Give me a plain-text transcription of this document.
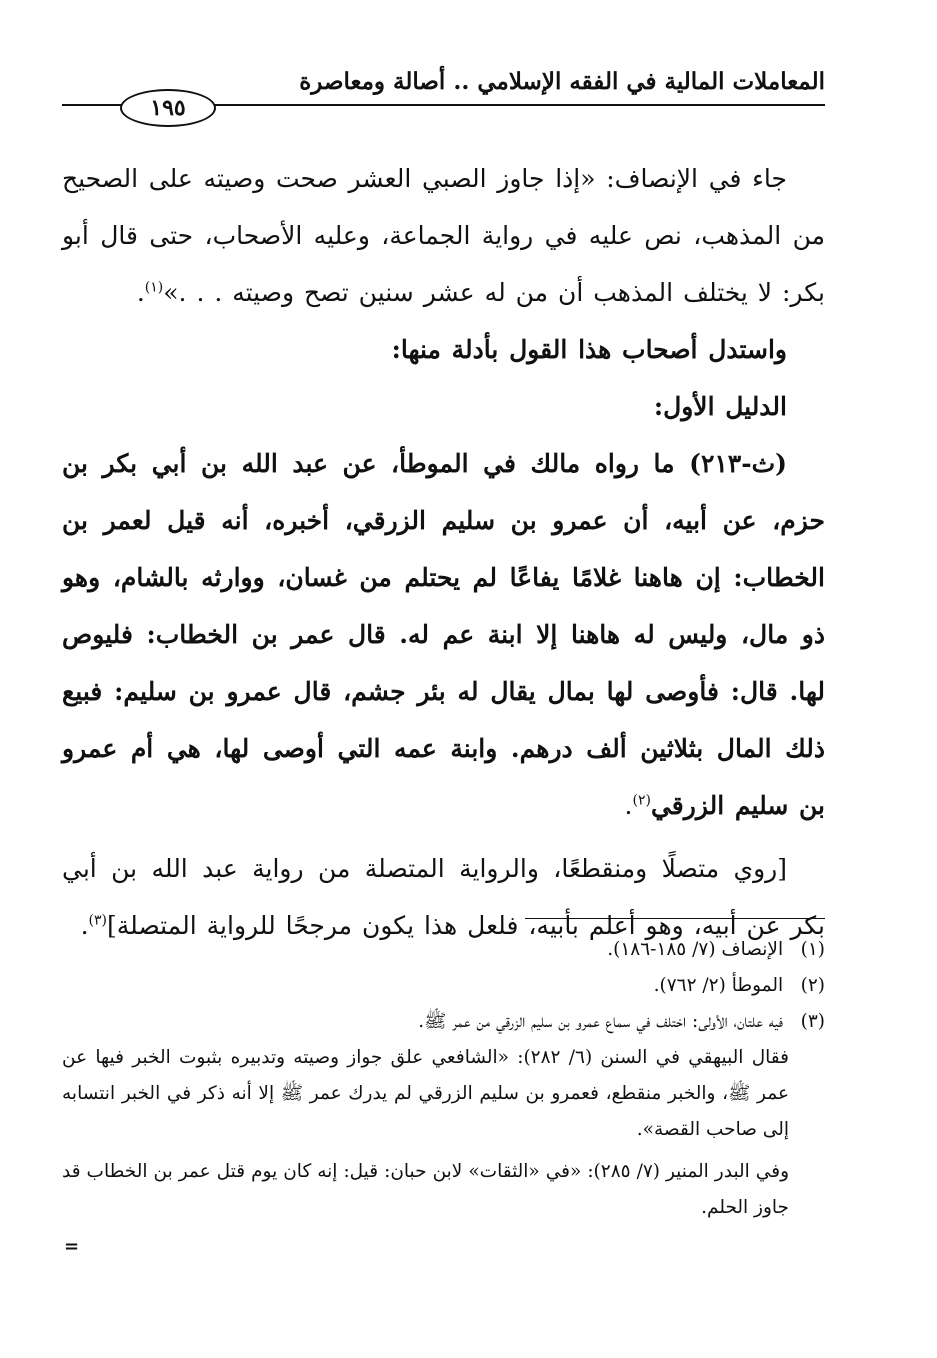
المعاملات المالية في الفقه الإسلامي .. أصالة ومعاصرة
١٩٥

جاء في الإنصاف: «إذا جاوز الصبي العشر صحت وصيته على الصحيح من المذهب، نص عليه في رواية الجماعة، وعليه الأصحاب، حتى قال أبو بكر: لا يختلف المذهب أن من له عشر سنين تصح وصيته . . .»$^{(١)}$.

واستدل أصحاب هذا القول بأدلة منها:

الدليل الأول:

(ث-٢١٣) ما رواه مالك في الموطأ، عن عبد الله بن أبي بكر بن حزم، عن أبيه، أن عمرو بن سليم الزرقي، أخبره، أنه قيل لعمر بن الخطاب: إن هاهنا غلامًا يفاعًا لم يحتلم من غسان، ووارثه بالشام، وهو ذو مال، وليس له هاهنا إلا ابنة عم له. قال عمر بن الخطاب: فليوص لها. قال: فأوصى لها بمال يقال له بئر جشم، قال عمرو بن سليم: فبيع ذلك المال بثلاثين ألف درهم. وابنة عمه التي أوصى لها، هي أم عمرو بن سليم الزرقي$^{(٢)}$.

[روي متصلًا ومنقطعًا، والرواية المتصلة من رواية عبد الله بن أبي بكر عن أبيه، وهو أعلم بأبيه، فلعل هذا يكون مرجحًا للرواية المتصلة]$^{(٣)}$.

(١) الإنصاف (٧/ ١٨٥-١٨٦).

(٢) الموطأ (٢/ ٧٦٢).

(٣) فيه علتان، الأولى: اختلف في سماع عمرو بن سليم الزرقي من عمر ﷺ.

فقال البيهقي في السنن (٦/ ٢٨٢): «الشافعي علق جواز وصيته وتدبيره بثبوت الخبر فيها عن عمر ﷺ، والخبر منقطع، فعمرو بن سليم الزرقي لم يدرك عمر ﷺ إلا أنه ذكر في الخبر انتسابه إلى صاحب القصة».

وفي البدر المنير (٧/ ٢٨٥): «في «الثقات» لابن حبان: قيل: إنه كان يوم قتل عمر بن الخطاب قد جاوز الحلم.

=
